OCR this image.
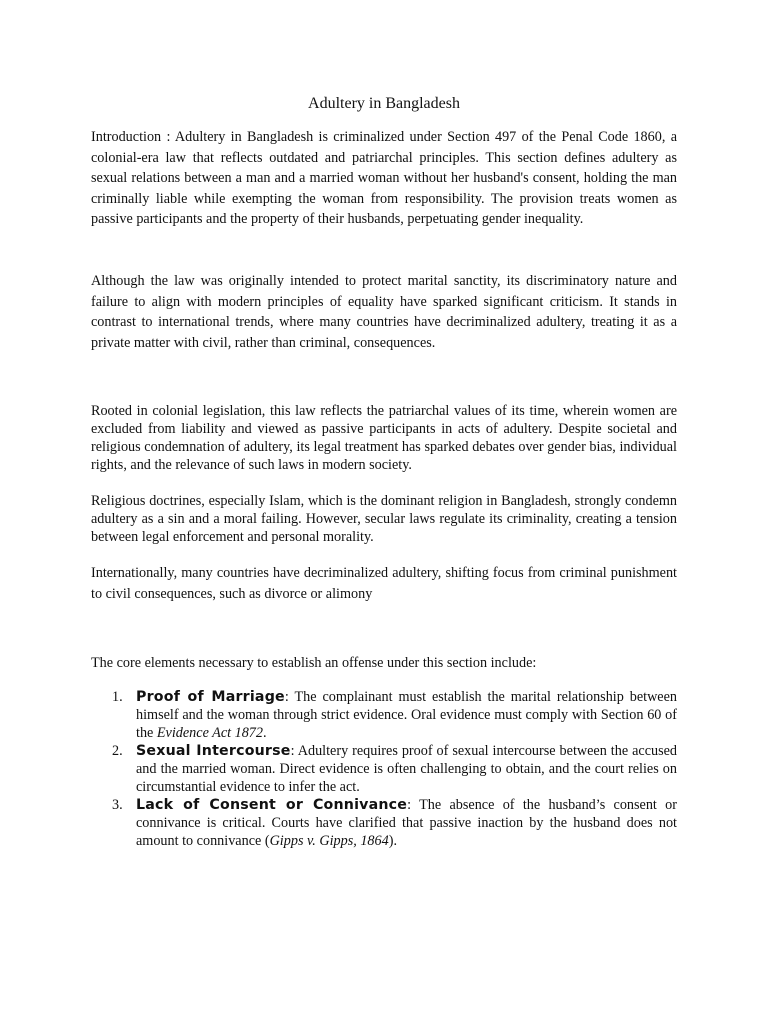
Adultery in Bangladesh

Introduction : Adultery in Bangladesh is criminalized under Section 497 of the Penal Code 1860, a colonial-era law that reflects outdated and patriarchal principles. This section defines adultery as sexual relations between a man and a married woman without her husband's consent, holding the man criminally liable while exempting the woman from responsibility. The provision treats women as passive participants and the property of their husbands, perpetuating gender inequality.

Although the law was originally intended to protect marital sanctity, its discriminatory nature and failure to align with modern principles of equality have sparked significant criticism. It stands in contrast to international trends, where many countries have decriminalized adultery, treating it as a private matter with civil, rather than criminal, consequences.

Rooted in colonial legislation, this law reflects the patriarchal values of its time, wherein women are excluded from liability and viewed as passive participants in acts of adultery. Despite societal and religious condemnation of adultery, its legal treatment has sparked debates over gender bias, individual rights, and the relevance of such laws in modern society.

Religious doctrines, especially Islam, which is the dominant religion in Bangladesh, strongly condemn adultery as a sin and a moral failing. However, secular laws regulate its criminality, creating a tension between legal enforcement and personal morality.

Internationally, many countries have decriminalized adultery, shifting focus from criminal punishment to civil consequences, such as divorce or alimony

The core elements necessary to establish an offense under this section include:

1. Proof of Marriage: The complainant must establish the marital relationship between himself and the woman through strict evidence. Oral evidence must comply with Section 60 of the Evidence Act 1872.
2. Sexual Intercourse: Adultery requires proof of sexual intercourse between the accused and the married woman. Direct evidence is often challenging to obtain, and the court relies on circumstantial evidence to infer the act.
3. Lack of Consent or Connivance: The absence of the husband’s consent or connivance is critical. Courts have clarified that passive inaction by the husband does not amount to connivance (Gipps v. Gipps, 1864).
